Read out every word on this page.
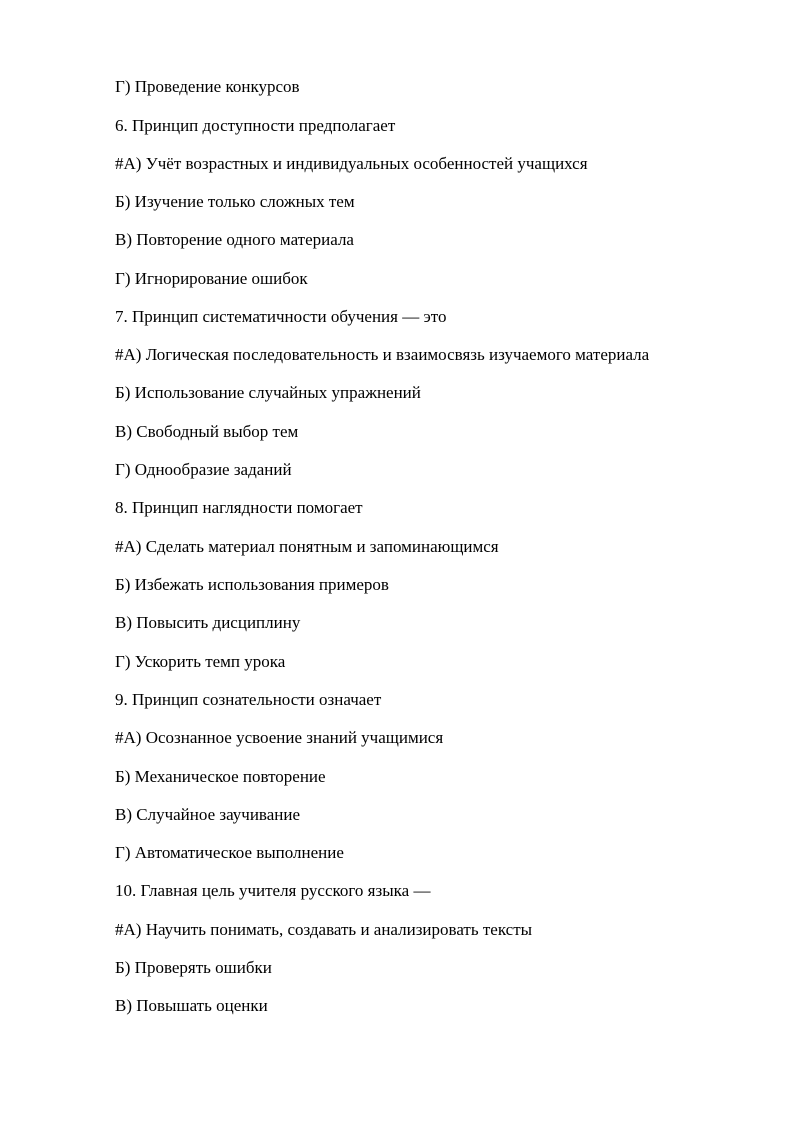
Г) Проведение конкурсов

6. Принцип доступности предполагает

#А) Учёт возрастных и индивидуальных особенностей учащихся

Б) Изучение только сложных тем

В) Повторение одного материала

Г) Игнорирование ошибок

7. Принцип систематичности обучения — это

#А) Логическая последовательность и взаимосвязь изучаемого материала

Б) Использование случайных упражнений

В) Свободный выбор тем

Г) Однообразие заданий

8. Принцип наглядности помогает

#А) Сделать материал понятным и запоминающимся

Б) Избежать использования примеров

В) Повысить дисциплину

Г) Ускорить темп урока

9. Принцип сознательности означает

#А) Осознанное усвоение знаний учащимися

Б) Механическое повторение

В) Случайное заучивание

Г) Автоматическое выполнение

10. Главная цель учителя русского языка —

#А) Научить понимать, создавать и анализировать тексты

Б) Проверять ошибки

В) Повышать оценки
